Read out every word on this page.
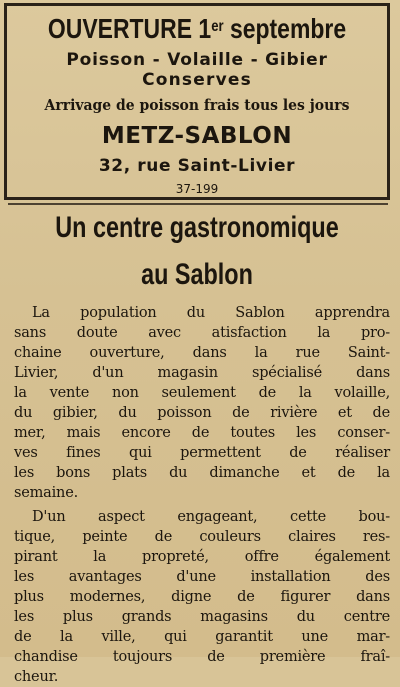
OUVERTURE 1er septembre
Poisson - Volaille - Gibier
Conserves
Arrivage de poisson frais tous les jours
METZ-SABLON
32, rue Saint-Livier
37-199
Un centre gastronomique
au Sablon
La population du Sablon apprendra
sans doute avec atisfaction la pro-
chaine ouverture, dans la rue Saint-
Livier, d'un magasin spécialisé dans
la vente non seulement de la volaille,
du gibier, du poisson de rivière et de
mer, mais encore de toutes les conser-
ves fines qui permettent de réaliser
les bons plats du dimanche et de la
semaine.
D'un aspect engageant, cette bou-
tique, peinte de couleurs claires res-
pirant la propreté, offre également
les avantages d'une installation des
plus modernes, digne de figurer dans
les plus grands magasins du centre
de la ville, qui garantit une mar-
chandise toujours de première fraî-
cheur.
